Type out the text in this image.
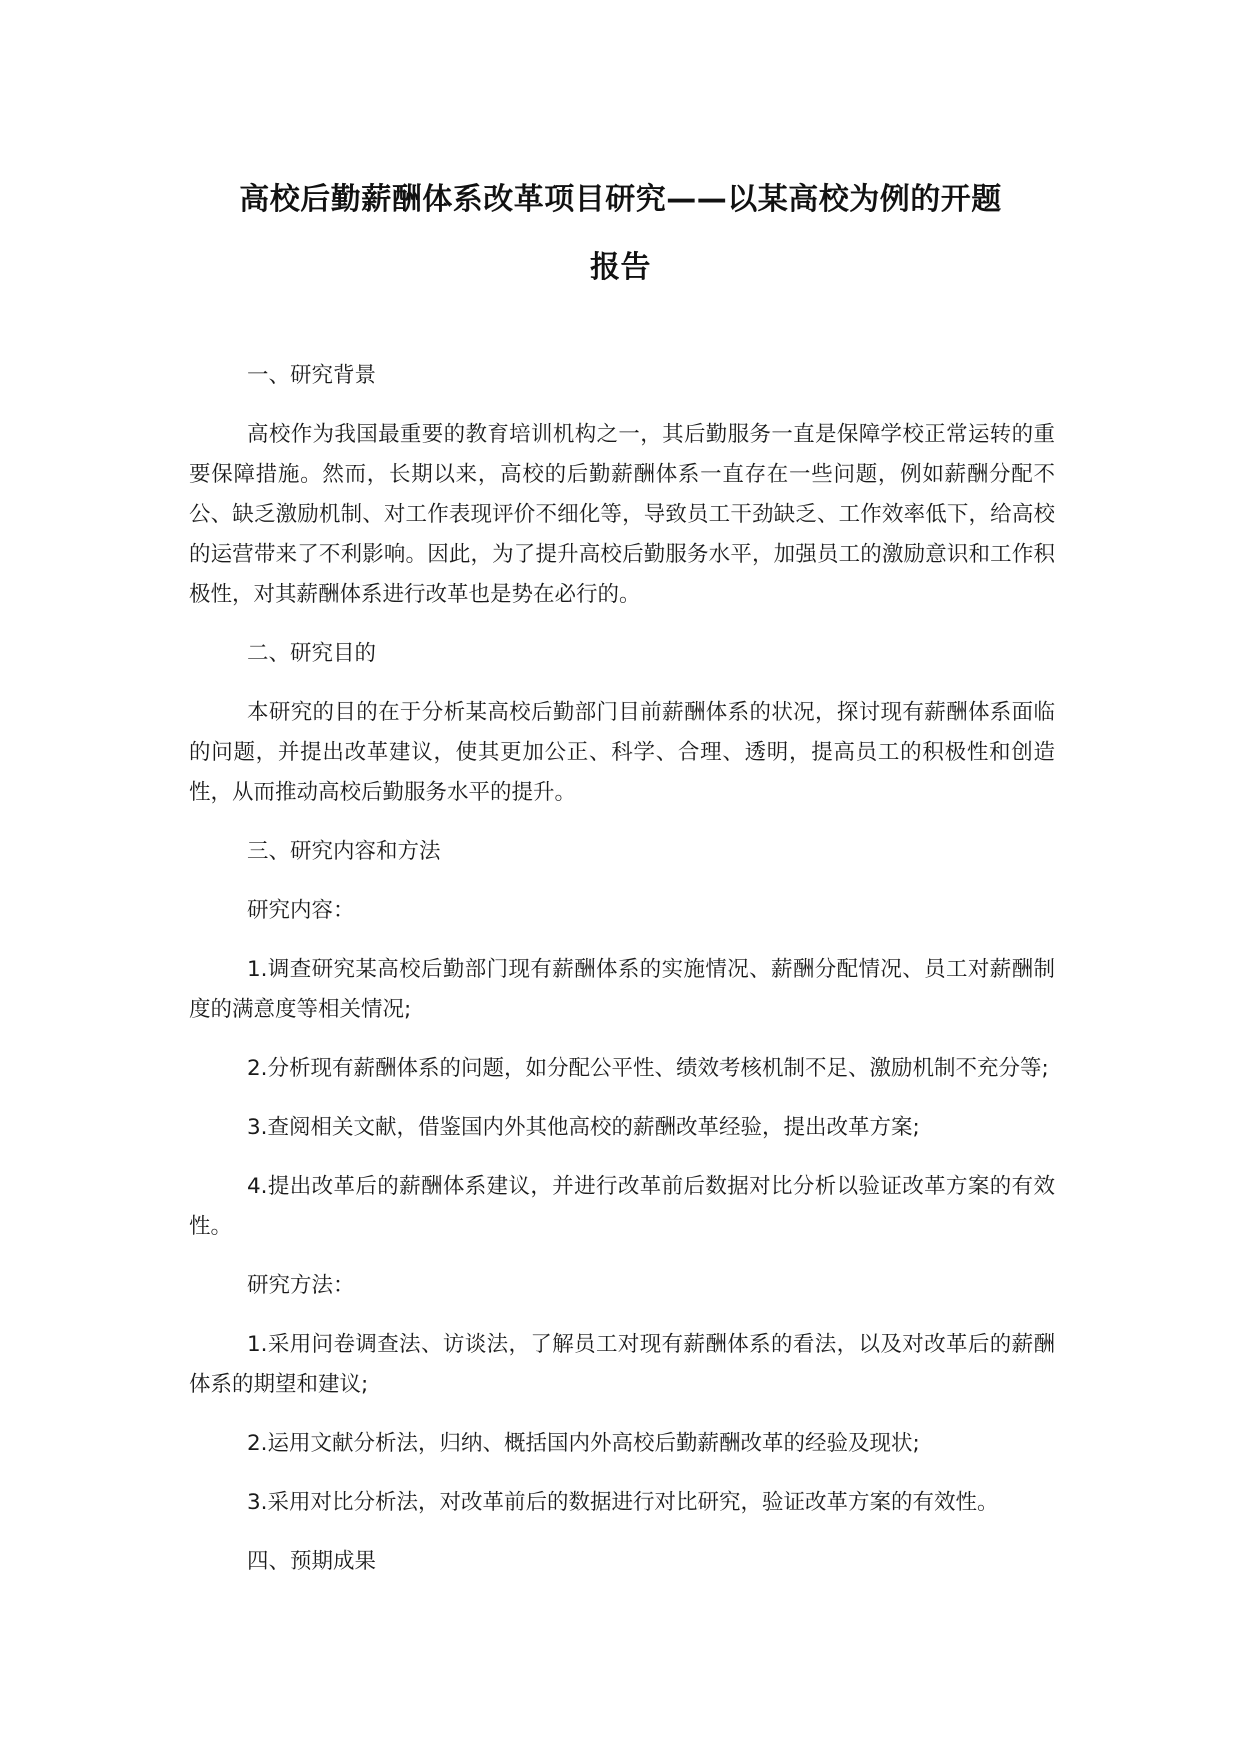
高校后勤薪酬体系改革项目研究——以某高校为例的开题
报告

一、研究背景

高校作为我国最重要的教育培训机构之一，其后勤服务一直是保障学校正常运转的重要保障措施。然而，长期以来，高校的后勤薪酬体系一直存在一些问题，例如薪酬分配不公、缺乏激励机制、对工作表现评价不细化等，导致员工干劲缺乏、工作效率低下，给高校的运营带来了不利影响。因此，为了提升高校后勤服务水平，加强员工的激励意识和工作积极性，对其薪酬体系进行改革也是势在必行的。

二、研究目的

本研究的目的在于分析某高校后勤部门目前薪酬体系的状况，探讨现有薪酬体系面临的问题，并提出改革建议，使其更加公正、科学、合理、透明，提高员工的积极性和创造性，从而推动高校后勤服务水平的提升。

三、研究内容和方法

研究内容：

1.调查研究某高校后勤部门现有薪酬体系的实施情况、薪酬分配情况、员工对薪酬制度的满意度等相关情况;

2.分析现有薪酬体系的问题，如分配公平性、绩效考核机制不足、激励机制不充分等;

3.查阅相关文献，借鉴国内外其他高校的薪酬改革经验，提出改革方案;

4.提出改革后的薪酬体系建议，并进行改革前后数据对比分析以验证改革方案的有效性。

研究方法：

1.采用问卷调查法、访谈法，了解员工对现有薪酬体系的看法，以及对改革后的薪酬体系的期望和建议;

2.运用文献分析法，归纳、概括国内外高校后勤薪酬改革的经验及现状;

3.采用对比分析法，对改革前后的数据进行对比研究，验证改革方案的有效性。

四、预期成果
